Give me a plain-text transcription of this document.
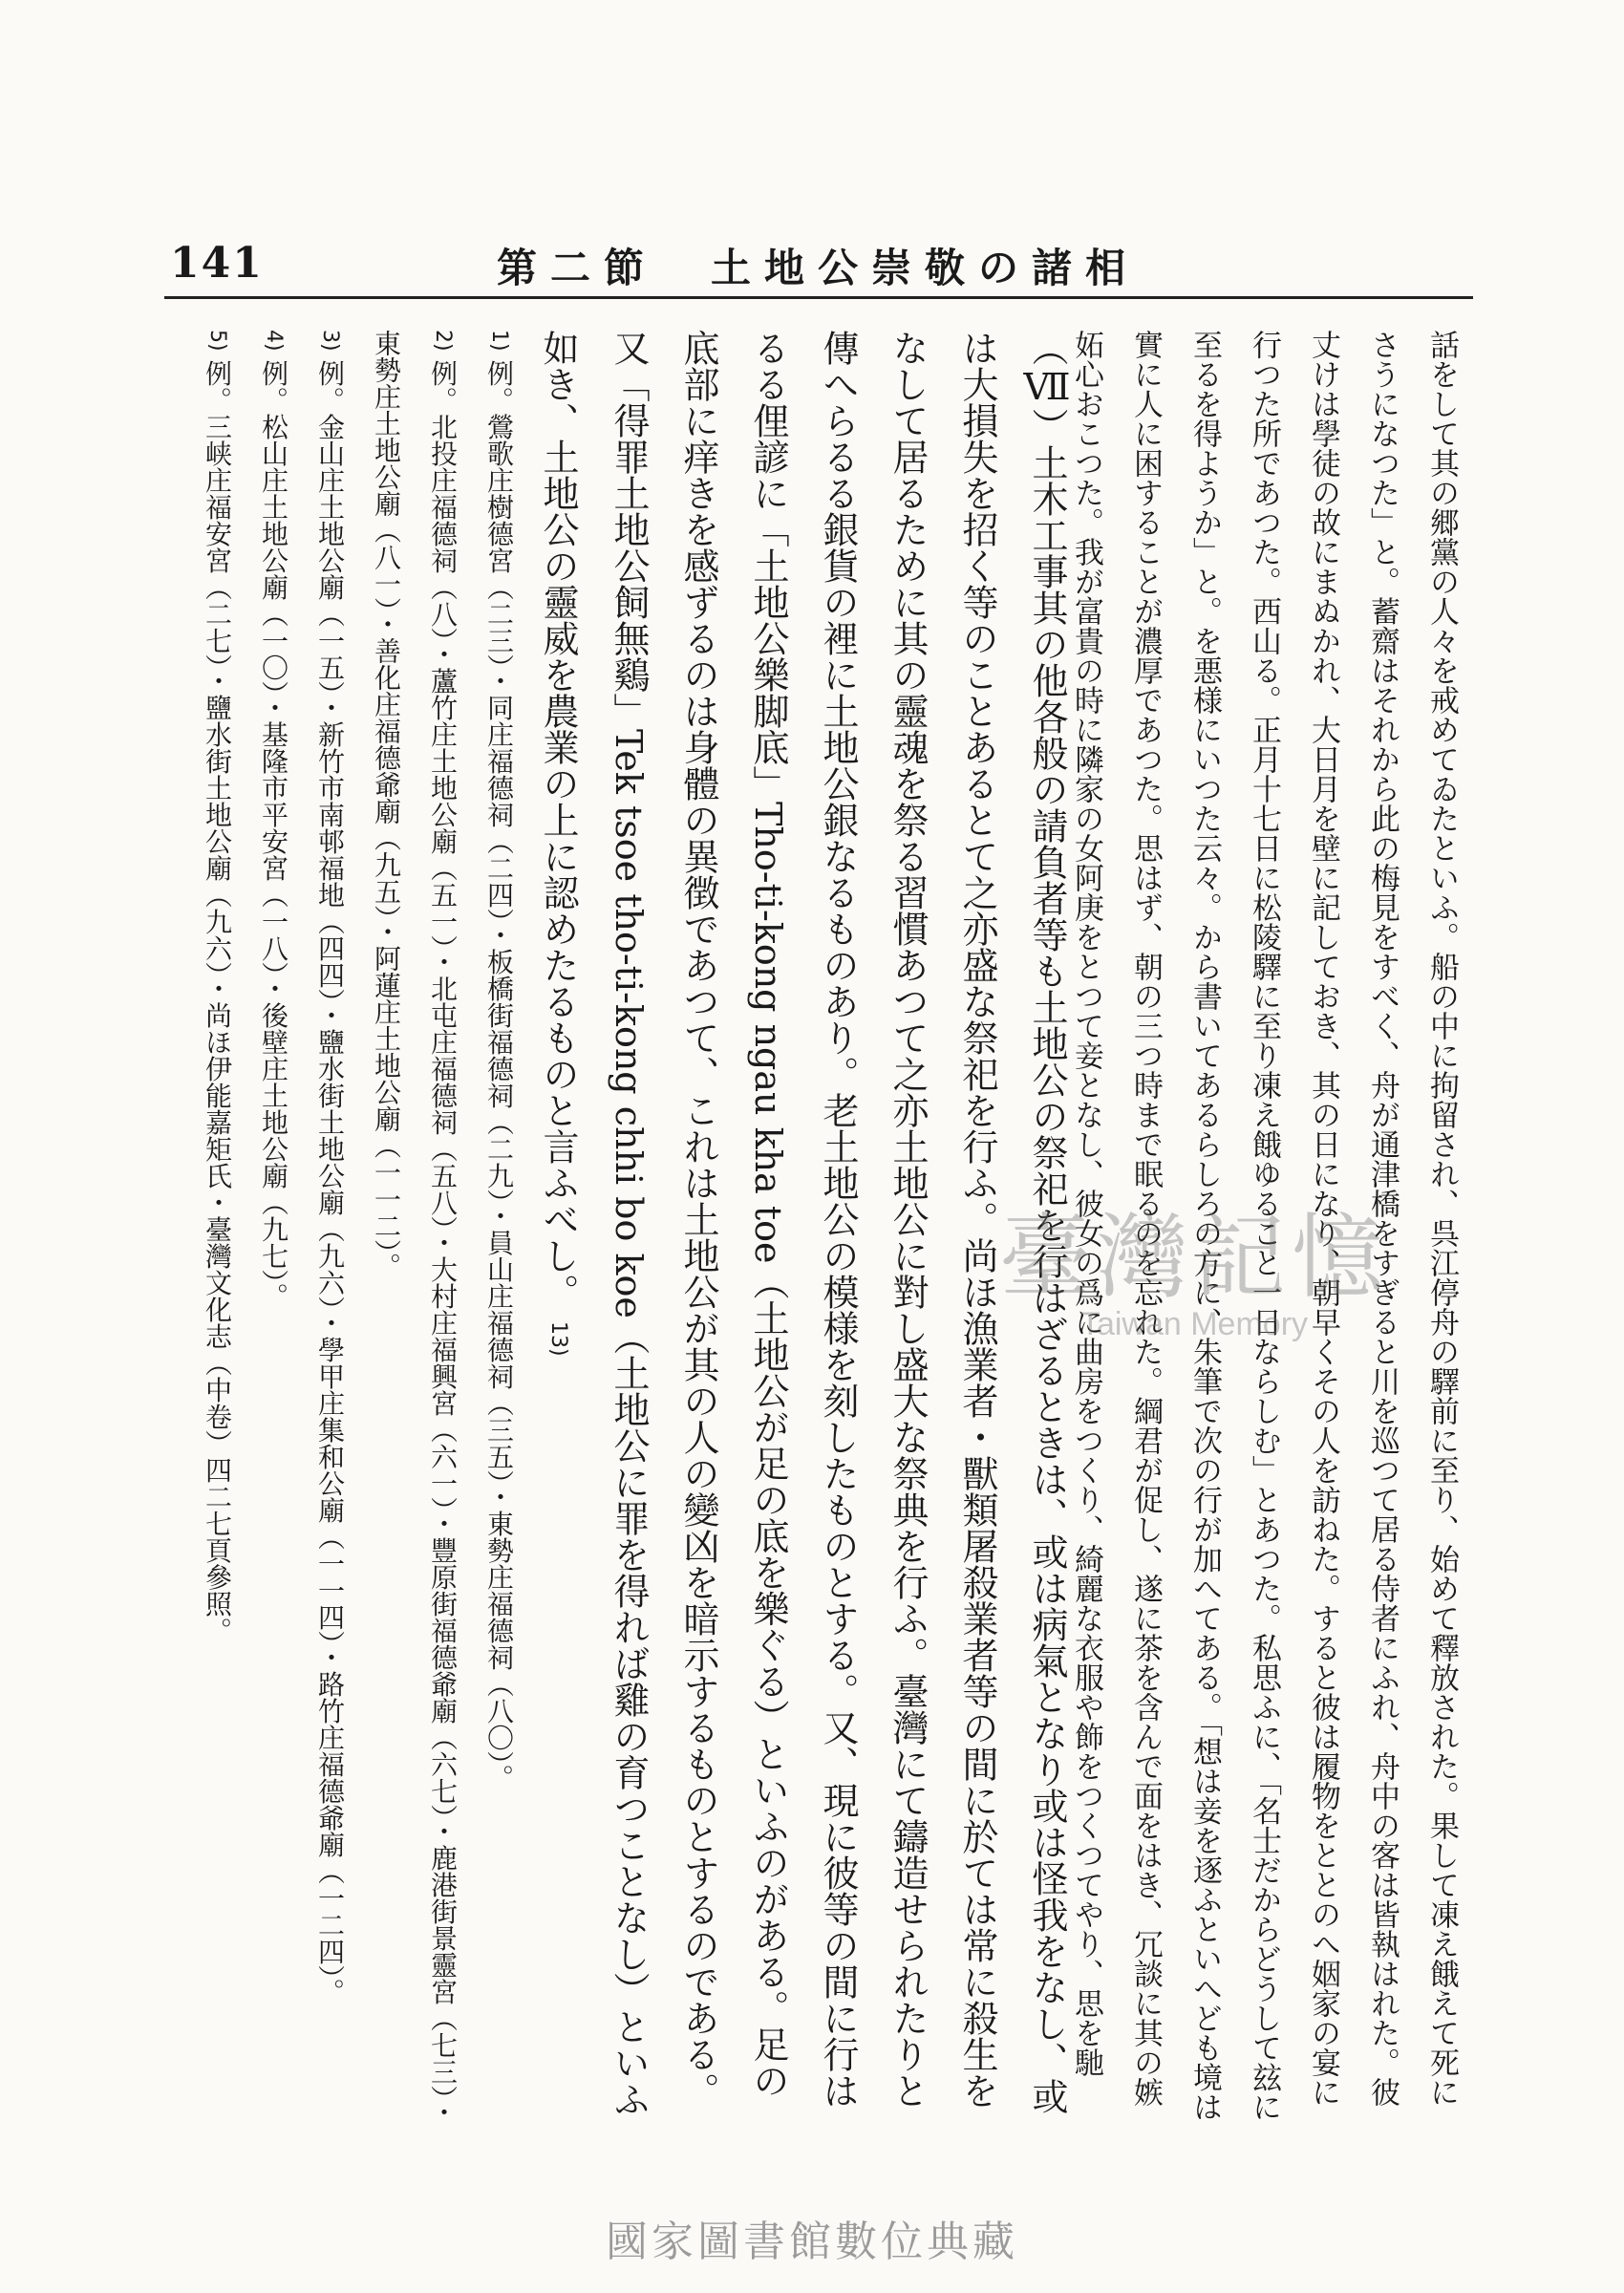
141	第二節　土地公崇敬の諸相
話をして其の郷黨の人々を戒めてゐたといふ。船の中に拘留され、呉江停舟の驛前に至り、始めて釋放された。果して凍え餓えて死にさうになつた」と。蓄齋はそれから此の梅見をすべく、舟が通津橋をすぎると川を巡つて居る侍者にふれ、舟中の客は皆執はれた。彼丈けは學徒の故にまぬかれ、大日月を壁に記しておき、其の日になり、朝早くその人を訪ねた。すると彼は履物をととのへ姻家の宴に行つた所であつた。西山る。正月十七日に松陵驛に至り凍え餓ゆること一日ならしむ」とあつた。私思ふに、「名士だからどうして玆に至るを得ようか」と。を悪様にいつた云々。から書いてあるらしろの方に、朱筆で次の行が加へてある。「想は妾を逐ふといへども境は實に人に困することが濃厚であつた。思はず、朝の三つ時まで眠るのを忘れた。綱君が促し、遂に茶を含んで面をはき、冗談に其の嫉妬心おこつた。我が富貴の時に隣家の女阿庚をとつて妾となし、彼女の爲に曲房をつくり、綺麗な衣服や飾をつくつてやり、思を馳
（Ⅶ）土木工事其の他各般の請負者等も土地公の祭祀を行はざるときは、或は病氣となり或は怪我をなし、或は大損失を招く等のことあるとて之亦盛な祭祀を行ふ。尚ほ漁業者・獸類屠殺業者等の間に於ては常に殺生をなして居るために其の靈魂を祭る習慣あつて之亦土地公に對し盛大な祭典を行ふ。臺灣にて鑄造せられたりと傳へらるる銀貨の裡に土地公銀なるものあり。老土地公の模様を刻したものとする。又、現に彼等の間に行はるる俚諺に「土地公樂脚底」Tho-ti-kong ngau kha toe（土地公が足の底を樂ぐる）といふのがある。足の底部に痒きを感ずるのは身體の異徴であつて、これは土地公が其の人の變凶を暗示するものとするのである。又「得罪土地公飼無鷄」Tek tsoe tho-ti-kong chhi bo koe（土地公に罪を得れば雞の育つことなし）といふ如き、土地公の靈威を農業の上に認めたるものと言ふべし。 13)
1) 例。鶯歌庄樹德宮（二三）・同庄福德祠（二四）・板橋街福德祠（二九）・員山庄福德祠（三五）・東勢庄福德祠（八〇）。
2) 例。北投庄福德祠（八）・蘆竹庄土地公廟（五一）・北屯庄福德祠（五八）・大村庄福興宮（六一）・豐原街福德爺廟（六七）・鹿港街景靈宮（七三）・東勢庄土地公廟（八一）・善化庄福德爺廟（九五）・阿蓮庄土地公廟（一一二）。
3) 例。金山庄土地公廟（一五）・新竹市南邨福地（四四）・鹽水街土地公廟（九六）・學甲庄集和公廟（一一四）・路竹庄福德爺廟（一二四）。
4) 例。松山庄土地公廟（一〇）・基隆市平安宮（一八）・後壁庄土地公廟（九七）。
5) 例。三峡庄福安宮（二七）・鹽水街土地公廟（九六）・尚ほ伊能嘉矩氏・臺灣文化志（中卷）四二七頁參照。	臺灣記憶
Taiwan Memory
國家圖書館數位典藏
